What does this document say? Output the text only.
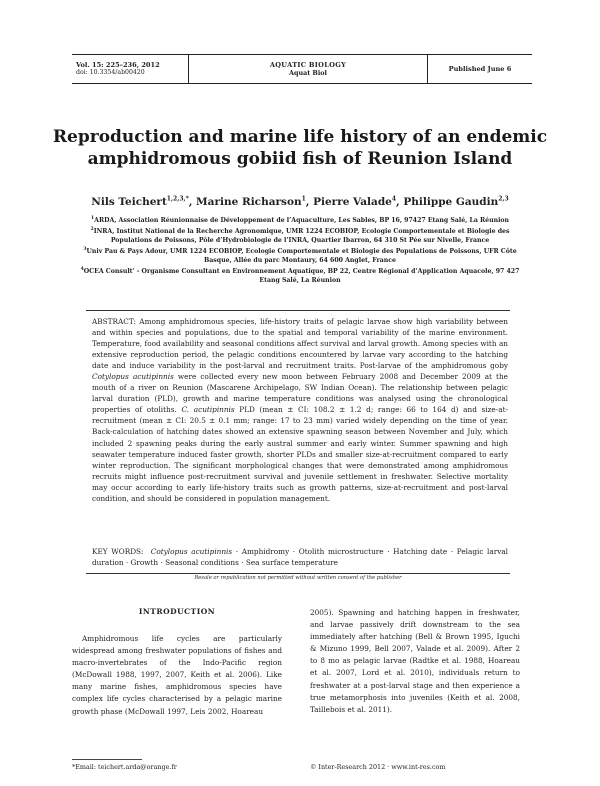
Vol. 15: 225–236, 2012
doi: 10.3354/ab00420
AQUATIC BIOLOGY
Aquat Biol	Published June 6
Reproduction and marine life history of an endemic amphidromous gobiid fish of Reunion Island
Nils Teichert$^{1,2,3,*}$, Marine Richarson$^1$, Pierre Valade$^4$, Philippe Gaudin$^{2,3}$

$^1$ARDA, Association Réunionnaise de Développement de l’Aquaculture, Les Sables, BP 16, 97427 Etang Salé, La Réunion

$^2$INRA, Institut National de la Recherche Agronomique, UMR 1224 ECOBIOP, Ecologie Comportementale et Biologie des Populations de Poissons, Pôle d’Hydrobiologie de l’INRA, Quartier Ibarron, 64 310 St Pée sur Nivelle, France

$^3$Univ Pau & Pays Adour, UMR 1224 ECOBIOP, Ecologie Comportementale et Biologie des Populations de Poissons, UFR Côte Basque, Allée du parc Montaury, 64 600 Anglet, France

$^4$OCEA Consult’ - Organisme Consultant en Environnement Aquatique, BP 22, Centre Régional d’Application Aquacole, 97 427 Etang Salé, La Réunion

ABSTRACT: Among amphidromous species, life-history traits of pelagic larvae show high variability between and within species and populations, due to the spatial and temporal variability of the marine environment. Temperature, food availability and seasonal conditions affect survival and larval growth. Among species with an extensive reproduction period, the pelagic conditions encountered by larvae vary according to the hatching date and induce variability in the post-larval and recruitment traits. Post-larvae of the amphidromous goby Cotylopus acutipinnis were collected every new moon between February 2008 and December 2009 at the mouth of a river on Reunion (Mascarene Archipelago, SW Indian Ocean). The relationship between pelagic larval duration (PLD), growth and marine temperature conditions was analysed using the chronological properties of otoliths. C. acutipinnis PLD (mean ± CI: 108.2 ± 1.2 d; range: 66 to 164 d) and size-at-recruitment (mean ± CI: 20.5 ± 0.1 mm; range: 17 to 23 mm) varied widely depending on the time of year. Back-calculation of hatching dates showed an extensive spawning season between November and July, which included 2 spawning peaks during the early austral summer and early winter. Summer spawning and high seawater temperature induced faster growth, shorter PLDs and smaller size-at-recruitment compared to early winter reproduction. The significant morphological changes that were demonstrated among amphidromous recruits might influence post-recruitment survival and juvenile settlement in freshwater. Selective mortality may occur according to early life-history traits such as growth patterns, size-at-recruitment and post-larval condition, and should be considered in population management.
KEY WORDS: Cotylopus acutipinnis · Amphidromy · Otolith microstructure · Hatching date · Pelagic larval duration · Growth · Seasonal conditions · Sea surface temperature
Resale or republication not permitted without written consent of the publisher
INTRODUCTION

Amphidromous life cycles are particularly widespread among freshwater populations of fishes and macro-invertebrates of the Indo-Pacific region (McDowall 1988, 1997, 2007, Keith et al. 2006). Like many marine fishes, amphidromous species have complex life cycles characterised by a pelagic marine growth phase (McDowall 1997, Leis 2002, Hoareau

2005). Spawning and hatching happen in freshwater, and larvae passively drift downstream to the sea immediately after hatching (Bell & Brown 1995, Iguchi & Mizuno 1999, Bell 2007, Valade et al. 2009). After 2 to 8 mo as pelagic larvae (Radtke et al. 1988, Hoareau et al. 2007, Lord et al. 2010), individuals return to freshwater at a post-larval stage and then experience a true metamorphosis into juveniles (Keith et al. 2008, Taillebois et al. 2011).

*Email: teichert.arda@orange.fr	© Inter-Research 2012 · www.int-res.com
